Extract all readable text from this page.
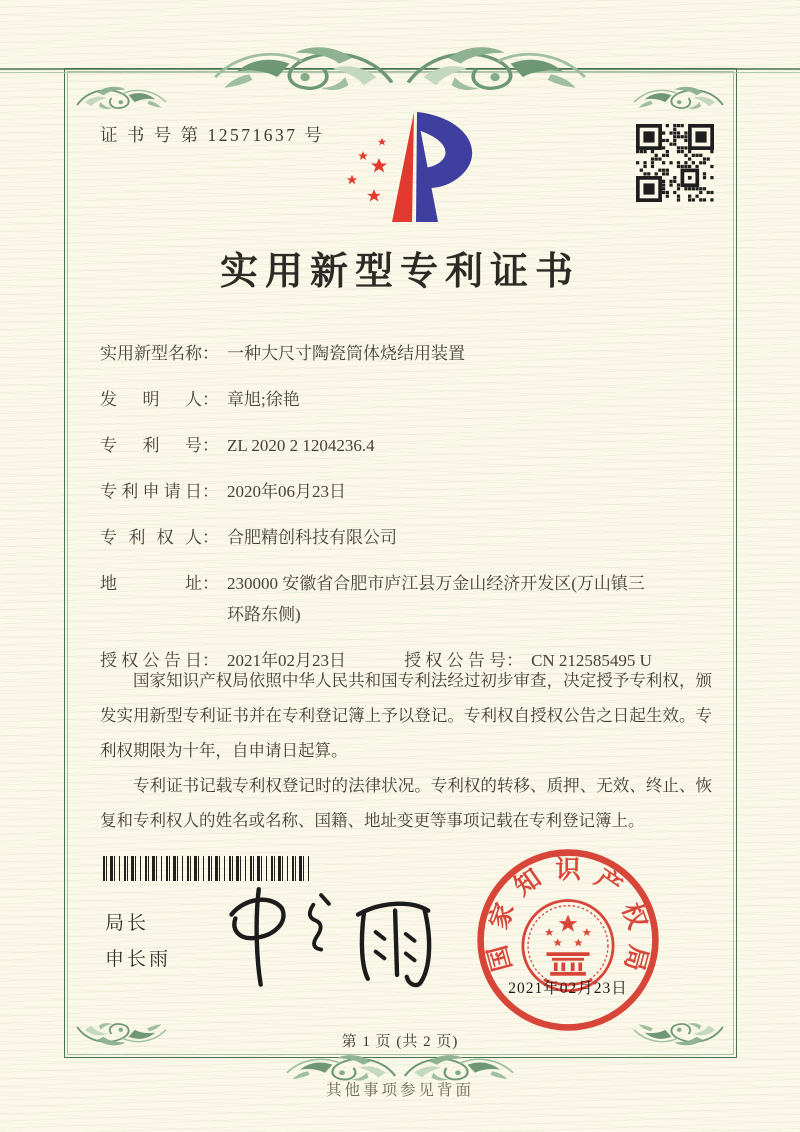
证 书 号 第 12571637 号
实用新型专利证书
实用新型名称 ： 一种大尺寸陶瓷筒体烧结用装置
发明人 ： 章旭;徐艳
专利号 ： ZL 2020 2 1204236.4
专利申请日 ： 2020年06月23日
专利权人 ： 合肥精创科技有限公司
地址 ： 230000 安徽省合肥市庐江县万金山经济开发区(万山镇三环路东侧)
授权公告日 ： 2021年02月23日	授权公告号 ： CN 212585495 U

国家知识产权局依照中华人民共和国专利法经过初步审查，决定授予专利权，颁发实用新型专利证书并在专利登记簿上予以登记。专利权自授权公告之日起生效。专利权期限为十年，自申请日起算。

专利证书记载专利权登记时的法律状况。专利权的转移、质押、无效、终止、恢复和专利权人的姓名或名称、国籍、地址变更等事项记载在专利登记簿上。

局长
申长雨	国
家
知 识 产
权
局
2021年02月23日
第 1 页 (共 2 页)
其他事项参见背面
